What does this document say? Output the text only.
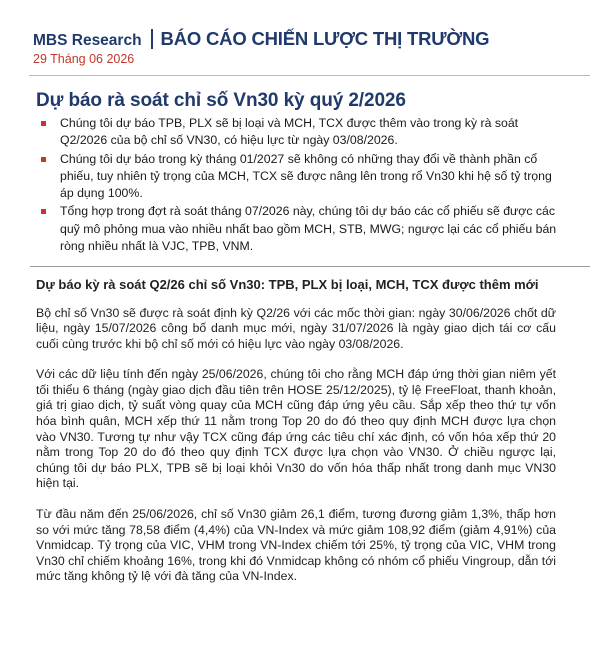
MBS Research BÁO CÁO CHIẾN LƯỢC THỊ TRƯỜNG
29 Tháng 06 2026
Dự báo rà soát chỉ số Vn30 kỳ quý 2/2026
Chúng tôi dự báo TPB, PLX sẽ bị loại và MCH, TCX được thêm vào trong kỳ rà soát Q2/2026 của bộ chỉ số VN30, có hiệu lực từ ngày 03/08/2026.
Chúng tôi dự báo trong kỳ tháng 01/2027 sẽ không có những thay đổi về thành phần cổ phiếu, tuy nhiên tỷ trọng của MCH, TCX sẽ được nâng lên trong rổ Vn30 khi hệ số tỷ trọng áp dụng 100%.
Tổng hợp trong đợt rà soát tháng 07/2026 này, chúng tôi dự báo các cổ phiếu sẽ được các quỹ mô phỏng mua vào nhiều nhất bao gồm MCH, STB, MWG; ngược lại các cổ phiếu bán ròng nhiều nhất là VJC, TPB, VNM.
Dự báo kỳ rà soát Q2/26 chỉ số Vn30: TPB, PLX bị loại, MCH, TCX được thêm mới

Bộ chỉ số Vn30 sẽ được rà soát định kỳ Q2/26 với các mốc thời gian: ngày 30/06/2026 chốt dữ liệu, ngày 15/07/2026 công bố danh mục mới, ngày 31/07/2026 là ngày giao dịch tái cơ cấu cuối cùng trước khi bộ chỉ số mới có hiệu lực vào ngày 03/08/2026.

Với các dữ liệu tính đến ngày 25/06/2026, chúng tôi cho rằng MCH đáp ứng thời gian niêm yết tối thiểu 6 tháng (ngày giao dịch đầu tiên trên HOSE 25/12/2025), tỷ lệ FreeFloat, thanh khoản, giá trị giao dịch, tỷ suất vòng quay của MCH cũng đáp ứng yêu cầu. Sắp xếp theo thứ tự vốn hóa bình quân, MCH xếp thứ 11 nằm trong Top 20 do đó theo quy định MCH được lựa chọn vào VN30. Tương tự như vậy TCX cũng đáp ứng các tiêu chí xác định, có vốn hóa xếp thứ 20 nằm trong Top 20 do đó theo quy định TCX được lựa chọn vào VN30. Ở chiều ngược lại, chúng tôi dự báo PLX, TPB sẽ bị loại khỏi Vn30 do vốn hóa thấp nhất trong danh mục VN30 hiện tại.

Từ đầu năm đến 25/06/2026, chỉ số Vn30 giảm 26,1 điểm, tương đương giảm 1,3%, thấp hơn so với mức tăng 78,58 điểm (4,4%) của VN-Index và mức giảm 108,92 điểm (giảm 4,91%) của Vnmidcap. Tỷ trọng của VIC, VHM trong VN-Index chiếm tới 25%, tỷ trọng của VIC, VHM trong Vn30 chỉ chiếm khoảng 16%, trong khi đó Vnmidcap không có nhóm cổ phiếu Vingroup, dẫn tới mức tăng không tỷ lệ với đà tăng của VN-Index.
